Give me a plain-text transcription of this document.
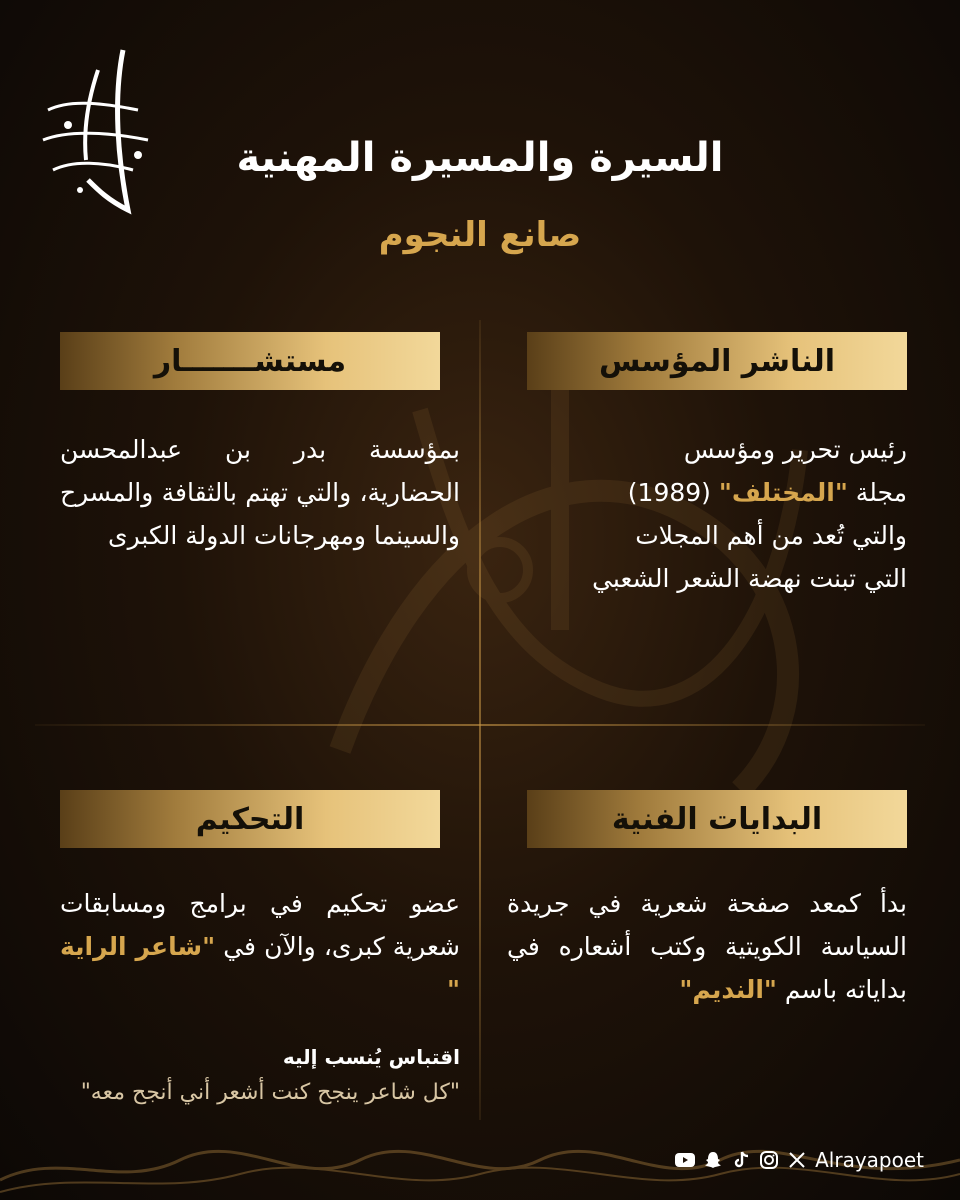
السيرة والمسيرة المهنية
صانع النجوم
الناشر المؤسس
رئيس تحرير ومؤسس
مجلة "المختلف" (1989)
والتي تُعد من أهم المجلات
التي تبنت نهضة الشعر الشعبي
مستشـــــــار
بمؤسسة بدر بن عبدالمحسن الحضارية، والتي تهتم بالثقافة والمسرح والسينما ومهرجانات الدولة الكبرى
البدايات الفنية
بدأ كمعد صفحة شعرية في جريدة السياسة الكويتية وكتب أشعاره في بداياته باسم "النديم"
التحكيم
عضو تحكيم في برامج ومسابقات شعرية كبرى، والآن في "شاعر الراية "
اقتباس يُنسب إليه
"كل شاعر ينجح كنت أشعر أني أنجح معه"
Alrayapoet
